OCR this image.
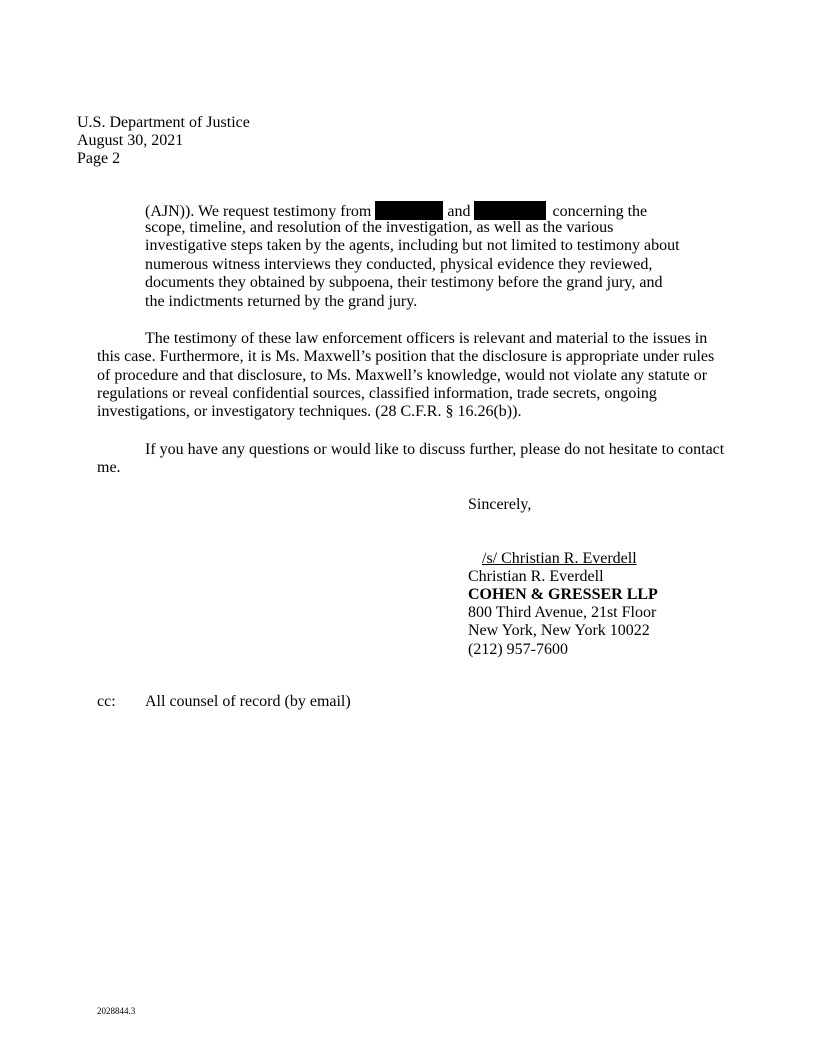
U.S. Department of Justice
August 30, 2021
Page 2
(AJN)). We request testimony from	and	concerning the
scope, timeline, and resolution of the investigation, as well as the various
investigative steps taken by the agents, including but not limited to testimony about
numerous witness interviews they conducted, physical evidence they reviewed,
documents they obtained by subpoena, their testimony before the grand jury, and
the indictments returned by the grand jury.
The testimony of these law enforcement officers is relevant and material to the issues in
this case. Furthermore, it is Ms. Maxwell’s position that the disclosure is appropriate under rules
of procedure and that disclosure, to Ms. Maxwell’s knowledge, would not violate any statute or
regulations or reveal confidential sources, classified information, trade secrets, ongoing
investigations, or investigatory techniques. (28 C.F.R. § 16.26(b)).
If you have any questions or would like to discuss further, please do not hesitate to contact
me.
Sincerely,
/s/ Christian R. Everdell
Christian R. Everdell
COHEN & GRESSER LLP
800 Third Avenue, 21st Floor
New York, New York 10022
(212) 957-7600
cc: All counsel of record (by email)
2028844.3
